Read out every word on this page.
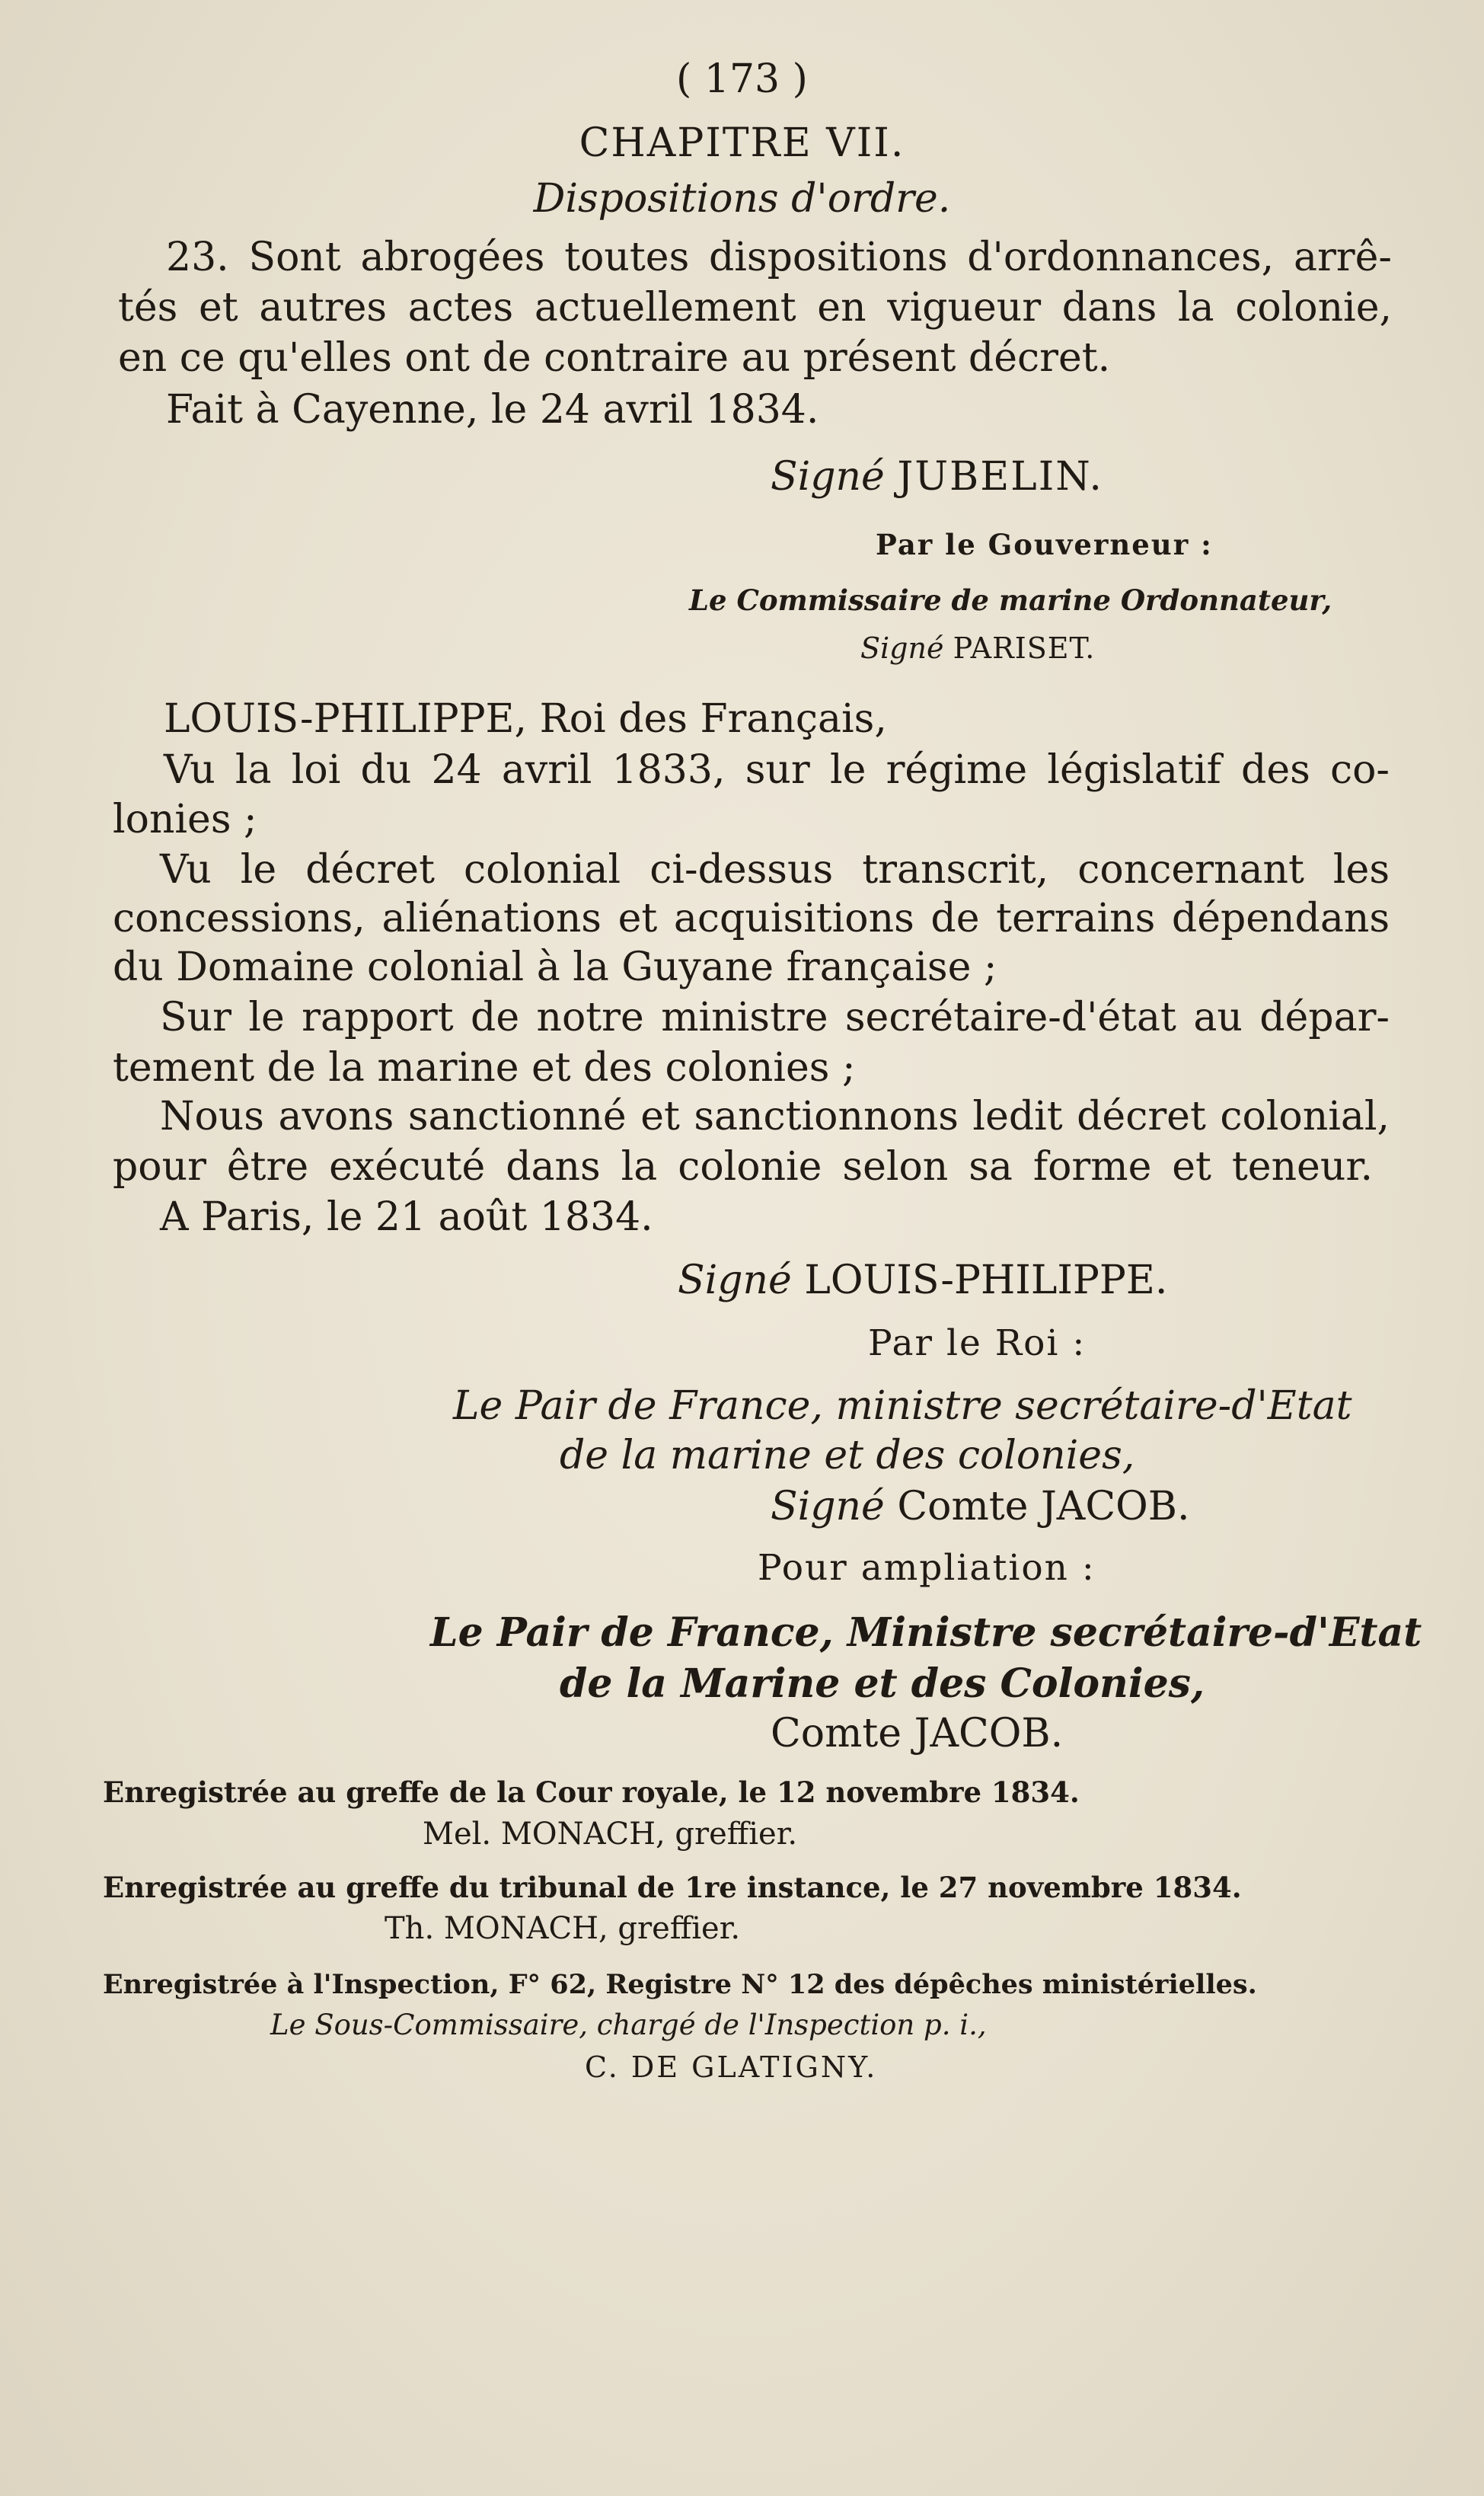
( 173 )
CHAPITRE VII.
Dispositions d'ordre.
23. Sont abrogées toutes dispositions d'ordonnances, arrê-
tés et autres actes actuellement en vigueur dans la colonie,
en ce qu'elles ont de contraire au présent décret.
Fait à Cayenne, le 24 avril 1834.
Signé JUBELIN.
Par le Gouverneur :
Le Commissaire de marine Ordonnateur,
Signé PARISET.
LOUIS-PHILIPPE, Roi des Français,
Vu la loi du 24 avril 1833, sur le régime législatif des co-
lonies ;
Vu le décret colonial ci-dessus transcrit, concernant les
concessions, aliénations et acquisitions de terrains dépendans
du Domaine colonial à la Guyane française ;
Sur le rapport de notre ministre secrétaire-d'état au dépar-
tement de la marine et des colonies ;
Nous avons sanctionné et sanctionnons ledit décret colonial,
pour être exécuté dans la colonie selon sa forme et teneur.
A Paris, le 21 août 1834.
Signé LOUIS-PHILIPPE.
Par le Roi :
Le Pair de France, ministre secrétaire-d'Etat
de la marine et des colonies,
Signé Comte JACOB.
Pour ampliation :
Le Pair de France, Ministre secrétaire-d'Etat
de la Marine et des Colonies,
Comte JACOB.
Enregistrée au greffe de la Cour royale, le 12 novembre 1834.
Mel. MONACH, greffier.
Enregistrée au greffe du tribunal de 1re instance, le 27 novembre 1834.
Th. MONACH, greffier.
Enregistrée à l'Inspection, F° 62, Registre N° 12 des dépêches ministérielles.
Le Sous-Commissaire, chargé de l'Inspection p. i.,
C. DE GLATIGNY.
